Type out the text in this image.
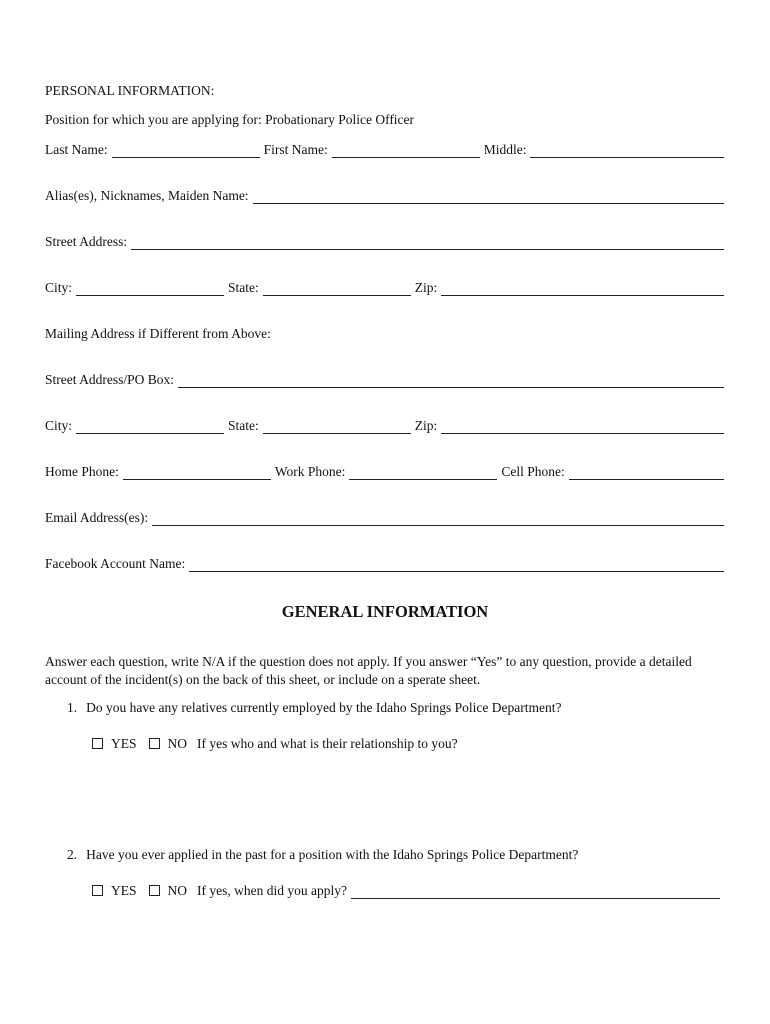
PERSONAL INFORMATION:
Position for which you are applying for: Probationary Police Officer
Last Name:	First Name:	Middle:
Alias(es), Nicknames, Maiden Name:
Street Address:
City:	State:	Zip:
Mailing Address if Different from Above:
Street Address/PO Box:
City:	State:	Zip:
Home Phone:	Work Phone:	Cell Phone:
Email Address(es):
Facebook Account Name:
GENERAL INFORMATION
Answer each question, write N/A if the question does not apply. If you answer “Yes” to any question, provide a detailed account of the incident(s) on the back of this sheet, or include on a sperate sheet.
1. Do you have any relatives currently employed by the Idaho Springs Police Department?
YES NO If yes who and what is their relationship to you?
2. Have you ever applied in the past for a position with the Idaho Springs Police Department?
YES NO If yes, when did you apply?
